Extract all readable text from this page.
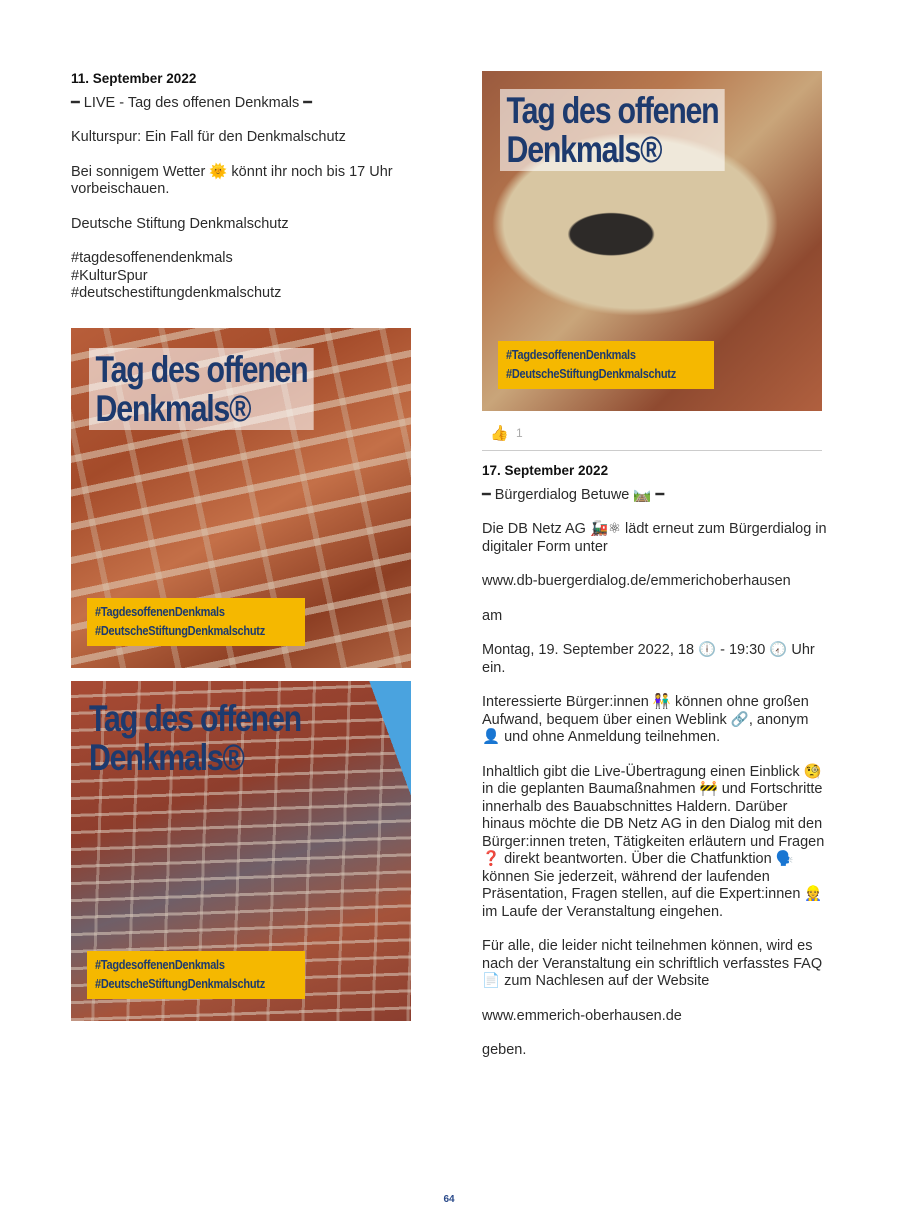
11. September 2022
━ LIVE - Tag des offenen Denkmals ━
Kulturspur: Ein Fall für den Denkmalschutz
Bei sonnigem Wetter 🌞 könnt ihr noch bis 17 Uhr vorbeischauen.
Deutsche Stiftung Denkmalschutz
#tagdesoffenendenkmals
#KulturSpur
#deutschestiftungdenkmalschutz
Tag des offenen
Denkmals®
#TagdesoffenenDenkmals
#DeutscheStiftungDenkmalschutz
Tag des offenen
Denkmals®
#TagdesoffenenDenkmals
#DeutscheStiftungDenkmalschutz
Tag des offenen
Denkmals®
#TagdesoffenenDenkmals
#DeutscheStiftungDenkmalschutz
👍 1
17. September 2022
━ Bürgerdialog Betuwe 🛤️ ━
Die DB Netz AG 🚂⚛ lädt erneut zum Bürgerdialog in digitaler Form unter
www.db-buergerdialog.de/emmerichoberhausen
am
Montag, 19. September 2022, 18 🕕 - 19:30 🕢 Uhr ein.
Interessierte Bürger:innen 👫 können ohne großen Aufwand, bequem über einen Weblink 🔗, anonym 👤 und ohne Anmeldung teilnehmen.
Inhaltlich gibt die Live-Übertragung einen Einblick 🧐 in die geplanten Baumaßnahmen 🚧 und Fortschritte innerhalb des Bauabschnittes Haldern. Darüber hinaus möchte die DB Netz AG in den Dialog mit den Bürger:innen treten, Tätigkeiten erläutern und Fragen ❓ direkt beantworten. Über die Chatfunktion 🗣️ können Sie jederzeit, während der laufenden Präsentation, Fragen stellen, auf die Expert:innen 👷 im Laufe der Veranstaltung eingehen.
Für alle, die leider nicht teilnehmen können, wird es nach der Veranstaltung ein schriftlich verfasstes FAQ 📄 zum Nachlesen auf der Website
www.emmerich-oberhausen.de
geben.
64
